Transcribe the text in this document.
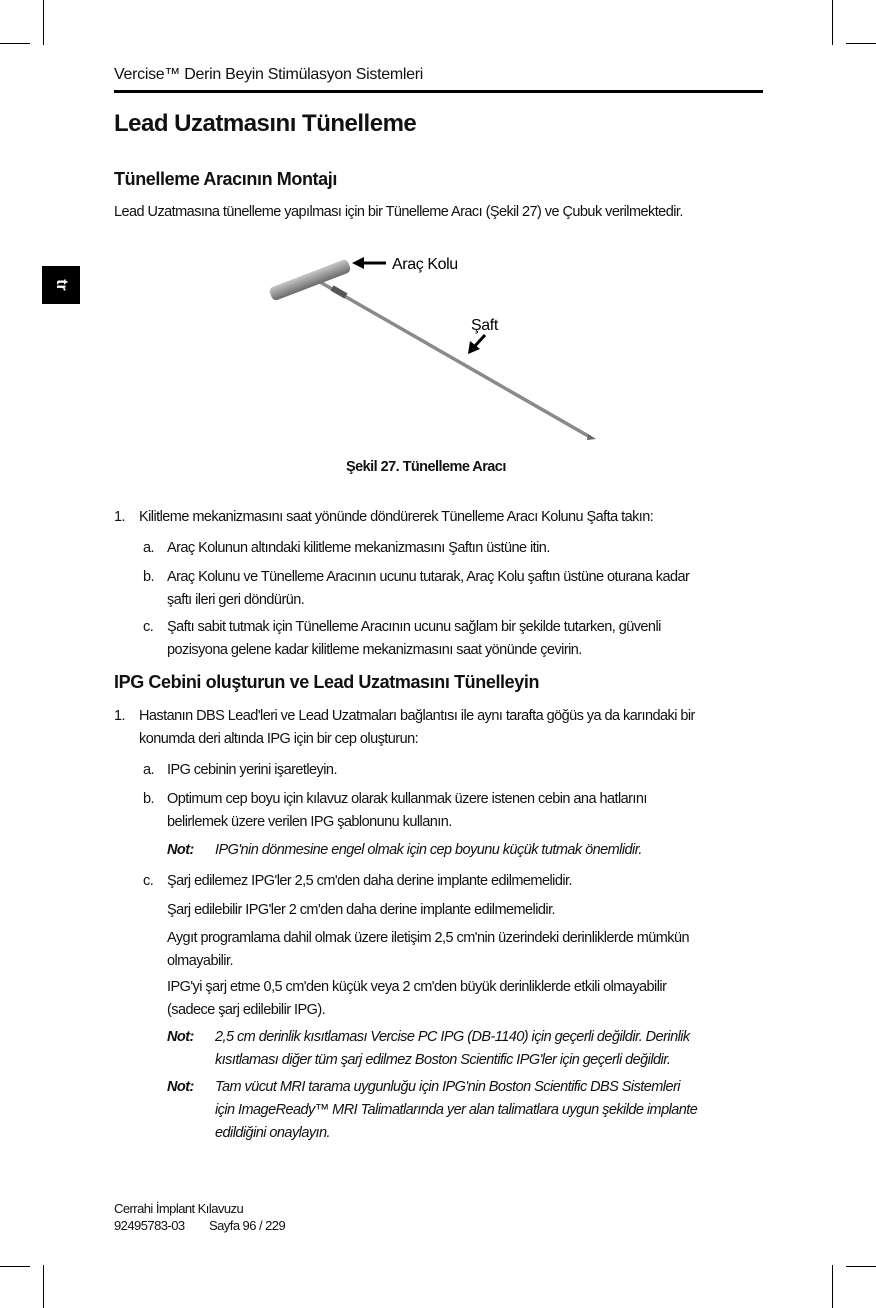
Vercise™ Derin Beyin Stimülasyon Sistemleri
tr
Lead Uzatmasını Tünelleme
Tünelleme Aracının Montajı
Lead Uzatmasına tünelleme yapılması için bir Tünelleme Aracı (Şekil 27) ve Çubuk verilmektedir.
Araç Kolu
Şaft
Şekil 27. Tünelleme Aracı
1. Kilitleme mekanizmasını saat yönünde döndürerek Tünelleme Aracı Kolunu Şafta takın:
a. Araç Kolunun altındaki kilitleme mekanizmasını Şaftın üstüne itin.
b. Araç Kolunu ve Tünelleme Aracının ucunu tutarak, Araç Kolu şaftın üstüne oturana kadar
şaftı ileri geri döndürün.
c. Şaftı sabit tutmak için Tünelleme Aracının ucunu sağlam bir şekilde tutarken, güvenli
pozisyona gelene kadar kilitleme mekanizmasını saat yönünde çevirin.
IPG Cebini oluşturun ve Lead Uzatmasını Tünelleyin
1. Hastanın DBS Lead'leri ve Lead Uzatmaları bağlantısı ile aynı tarafta göğüs ya da karındaki bir
konumda deri altında IPG için bir cep oluşturun:
a. IPG cebinin yerini işaretleyin.
b. Optimum cep boyu için kılavuz olarak kullanmak üzere istenen cebin ana hatlarını
belirlemek üzere verilen IPG şablonunu kullanın.
Not: IPG'nin dönmesine engel olmak için cep boyunu küçük tutmak önemlidir.
c. Şarj edilemez IPG'ler 2,5 cm'den daha derine implante edilmemelidir.
Şarj edilebilir IPG'ler 2 cm'den daha derine implante edilmemelidir.
Aygıt programlama dahil olmak üzere iletişim 2,5 cm'nin üzerindeki derinliklerde mümkün
olmayabilir.
IPG'yi şarj etme 0,5 cm'den küçük veya 2 cm'den büyük derinliklerde etkili olmayabilir
(sadece şarj edilebilir IPG).
Not: 2,5 cm derinlik kısıtlaması Vercise PC IPG (DB-1140) için geçerli değildir. Derinlik
kısıtlaması diğer tüm şarj edilmez Boston Scientific IPG'ler için geçerli değildir.
Not: Tam vücut MRI tarama uygunluğu için IPG'nin Boston Scientific DBS Sistemleri
için ImageReady™ MRI Talimatlarında yer alan talimatlara uygun şekilde implante
edildiğini onaylayın.
Cerrahi İmplant Kılavuzu
92495783-03 Sayfa 96 / 229
